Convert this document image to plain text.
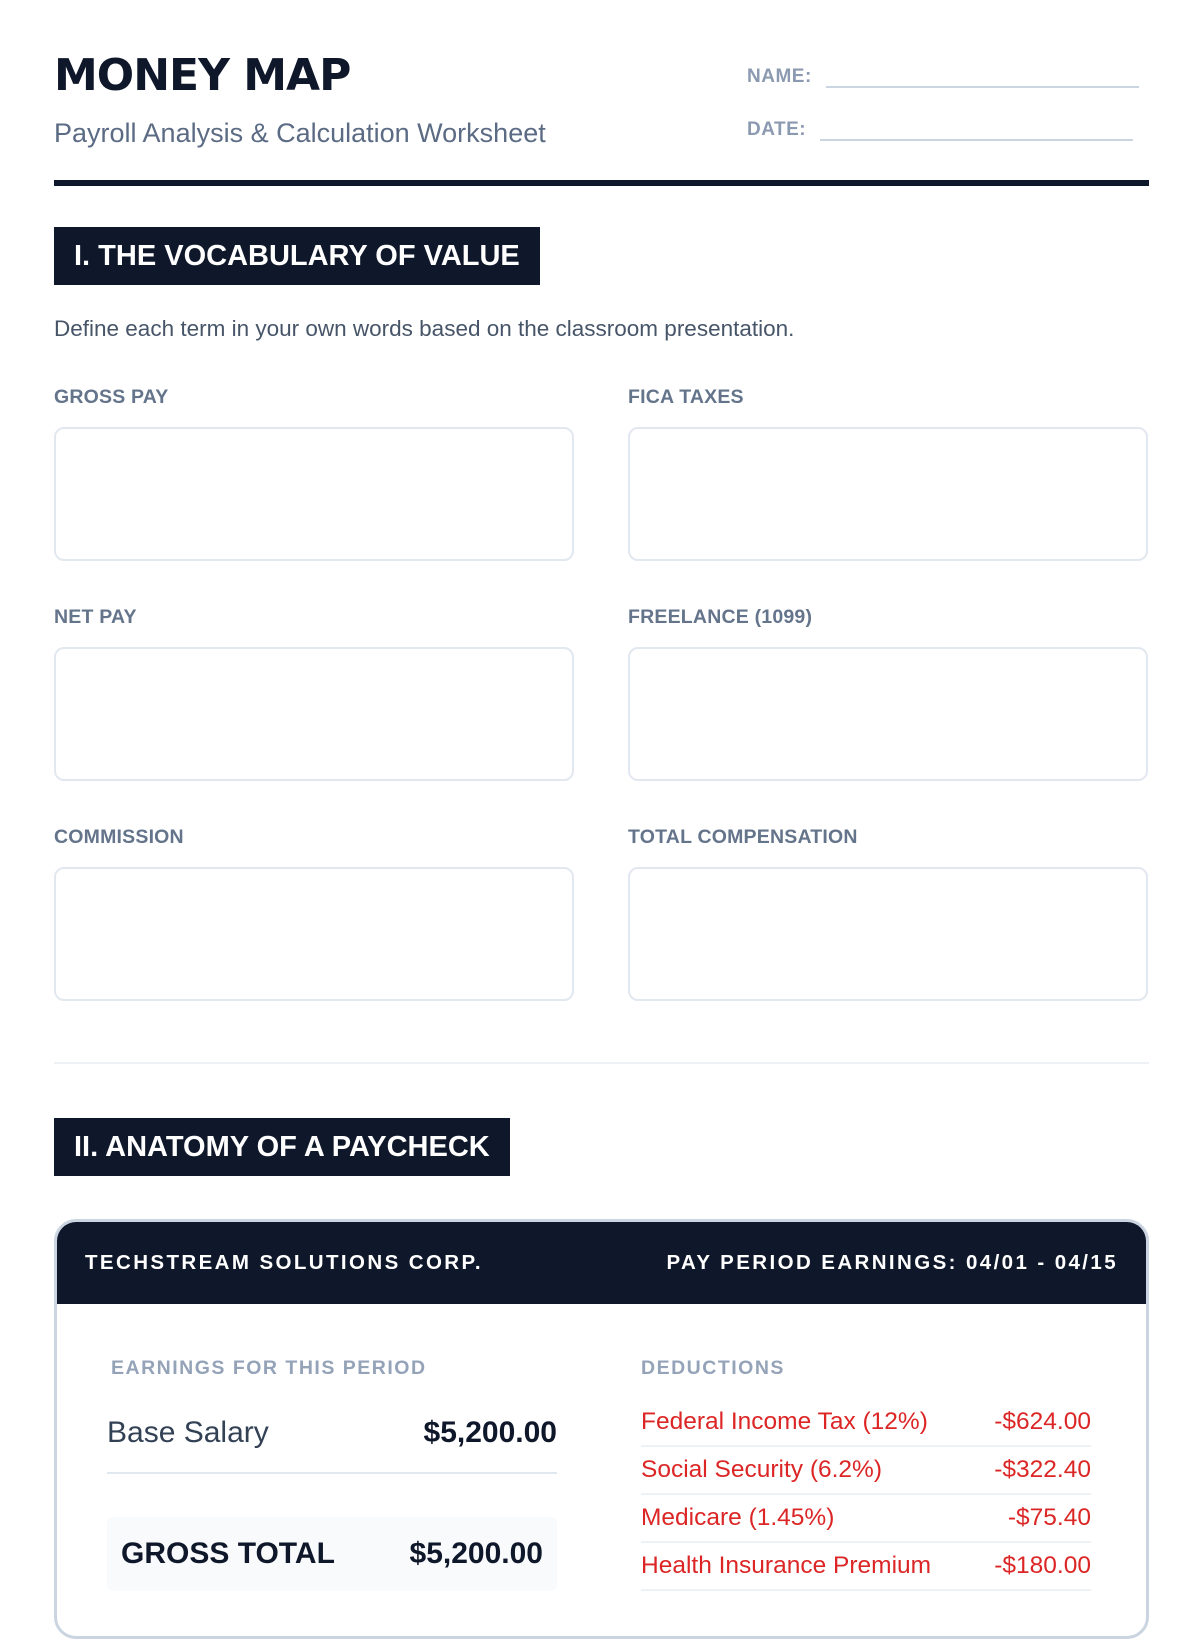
MONEY MAP

Payroll Analysis & Calculation Worksheet

NAME:
DATE:
I. THE VOCABULARY OF VALUE

Define each term in your own words based on the classroom presentation.

GROSS PAY	FICA TAXES
NET PAY	FREELANCE (1099)
COMMISSION	TOTAL COMPENSATION
II. ANATOMY OF A PAYCHECK
TECHSTREAM SOLUTIONS CORP.	PAY PERIOD EARNINGS: 04/01 - 04/15
EARNINGS FOR THIS PERIOD	DEDUCTIONS
Base Salary	$5,200.00
GROSS TOTAL $5,200.00
Federal Income Tax (12%)	-$624.00
Social Security (6.2%)	-$322.40
Medicare (1.45%)	-$75.40
Health Insurance Premium	-$180.00
